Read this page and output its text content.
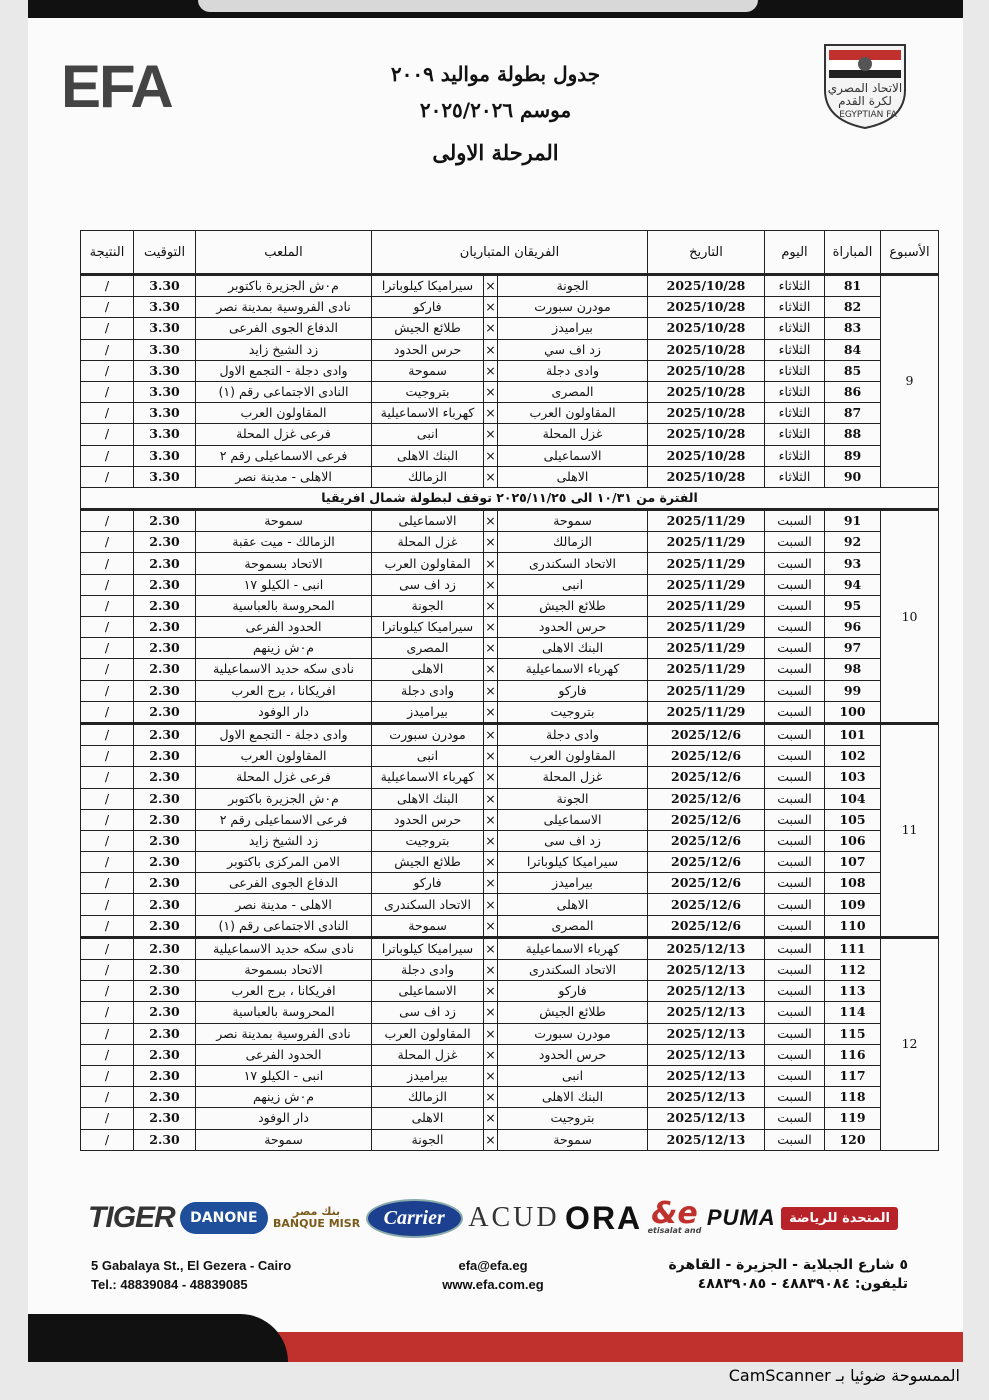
EFA	الاتحاد المصري لكرة القدم
EGYPTIAN FA
جدول بطولة مواليد ٢٠٠٩
موسم ٢٠٢٥/٢٠٢٦
المرحلة الاولى
الأسبوع	المباراة	اليوم	التاريخ	الفريقان المتباريان			الملعب	التوقيت	النتيجة
9	81	الثلاثاء	2025/10/28	الجونة	×	سيراميكا كيلوباترا	م٠ش الجزيرة باكتوبر	3.30	/
	82	الثلاثاء	2025/10/28	مودرن سبورت	×	فاركو	نادى الفروسية بمدينة نصر	3.30	/
	83	الثلاثاء	2025/10/28	بيراميدز	×	طلائع الجيش	الدفاع الجوى الفرعى	3.30	/
	84	الثلاثاء	2025/10/28	زد اف سي	×	حرس الحدود	زد الشيخ زايد	3.30	/
	85	الثلاثاء	2025/10/28	وادى دجلة	×	سموحة	وادى دجلة - التجمع الاول	3.30	/
	86	الثلاثاء	2025/10/28	المصرى	×	بتروجيت	النادى الاجتماعى رقم (١)	3.30	/
	87	الثلاثاء	2025/10/28	المقاولون العرب	×	كهرباء الاسماعيلية	المقاولون العرب	3.30	/
	88	الثلاثاء	2025/10/28	غزل المحلة	×	انبى	فرعى غزل المحلة	3.30	/
	89	الثلاثاء	2025/10/28	الاسماعيلى	×	البنك الاهلى	فرعى الاسماعيلى رقم ٢	3.30	/
	90	الثلاثاء	2025/10/28	الاهلى	×	الزمالك	الاهلى - مدينة نصر	3.30	/
الفترة من ١٠/٣١ الى ٢٠٢٥/١١/٢٥ توقف لبطولة شمال افريقيا									
10	91	السبت	2025/11/29	سموحة	×	الاسماعيلى	سموحة	2.30	/
	92	السبت	2025/11/29	الزمالك	×	غزل المحلة	الزمالك - ميت عقبة	2.30	/
	93	السبت	2025/11/29	الاتحاد السكندرى	×	المقاولون العرب	الاتحاد بسموحة	2.30	/
	94	السبت	2025/11/29	انبى	×	زد اف سى	انبى - الكيلو ١٧	2.30	/
	95	السبت	2025/11/29	طلائع الجيش	×	الجونة	المحروسة بالعباسية	2.30	/
	96	السبت	2025/11/29	حرس الحدود	×	سيراميكا كيلوباترا	الحدود الفرعى	2.30	/
	97	السبت	2025/11/29	البنك الاهلى	×	المصرى	م٠ش زينهم	2.30	/
	98	السبت	2025/11/29	كهرباء الاسماعيلية	×	الاهلى	نادى سكه حديد الاسماعيلية	2.30	/
	99	السبت	2025/11/29	فاركو	×	وادى دجلة	افريكانا ، برج العرب	2.30	/
	100	السبت	2025/11/29	بتروجيت	×	بيراميدز	دار الوفود	2.30	/
11	101	السبت	2025/12/6	وادى دجلة	×	مودرن سبورت	وادى دجلة - التجمع الاول	2.30	/
	102	السبت	2025/12/6	المقاولون العرب	×	انبى	المقاولون العرب	2.30	/
	103	السبت	2025/12/6	غزل المحلة	×	كهرباء الاسماعيلية	فرعى غزل المحلة	2.30	/
	104	السبت	2025/12/6	الجونة	×	البنك الاهلى	م٠ش الجزيرة باكتوبر	2.30	/
	105	السبت	2025/12/6	الاسماعيلى	×	حرس الحدود	فرعى الاسماعيلى رقم ٢	2.30	/
	106	السبت	2025/12/6	زد اف سى	×	بتروجيت	زد الشيخ زايد	2.30	/
	107	السبت	2025/12/6	سيراميكا كيلوباترا	×	طلائع الجيش	الامن المركزى باكتوبر	2.30	/
	108	السبت	2025/12/6	بيراميدز	×	فاركو	الدفاع الجوى الفرعى	2.30	/
	109	السبت	2025/12/6	الاهلى	×	الاتحاد السكندرى	الاهلى - مدينة نصر	2.30	/
	110	السبت	2025/12/6	المصرى	×	سموحة	النادى الاجتماعى رقم (١)	2.30	/
12	111	السبت	2025/12/13	كهرباء الاسماعيلية	×	سيراميكا كيلوباترا	نادى سكه حديد الاسماعيلية	2.30	/
	112	السبت	2025/12/13	الاتحاد السكندرى	×	وادى دجلة	الاتحاد بسموحة	2.30	/
	113	السبت	2025/12/13	فاركو	×	الاسماعيلى	افريكانا ، برج العرب	2.30	/
	114	السبت	2025/12/13	طلائع الجيش	×	زد اف سى	المحروسة بالعباسية	2.30	/
	115	السبت	2025/12/13	مودرن سبورت	×	المقاولون العرب	نادى الفروسية بمدينة نصر	2.30	/
	116	السبت	2025/12/13	حرس الحدود	×	غزل المحلة	الحدود الفرعى	2.30	/
	117	السبت	2025/12/13	انبى	×	بيراميدز	انبى - الكيلو ١٧	2.30	/
	118	السبت	2025/12/13	البنك الاهلى	×	الزمالك	م٠ش زينهم	2.30	/
	119	السبت	2025/12/13	بتروجيت	×	الاهلى	دار الوفود	2.30	/
	120	السبت	2025/12/13	سموحة	×	الجونة	سموحة	2.30	/
المتحدة للرياضة
PUMA
e&
etisalat and
ORA
ACUD
Carrier
بنك مصر
BANQUE MISR
DANONE
TIGER
5 Gabalaya St., El Gezera - Cairo
Tel.: 48839084 - 48839085
efa@efa.eg
www.efa.com.eg
٥ شارع الجبلاية - الجزيرة - القاهرة
تليفون: ٤٨٨٣٩٠٨٤ - ٤٨٨٣٩٠٨٥
الممسوحة ضوئيا بـ CamScanner
